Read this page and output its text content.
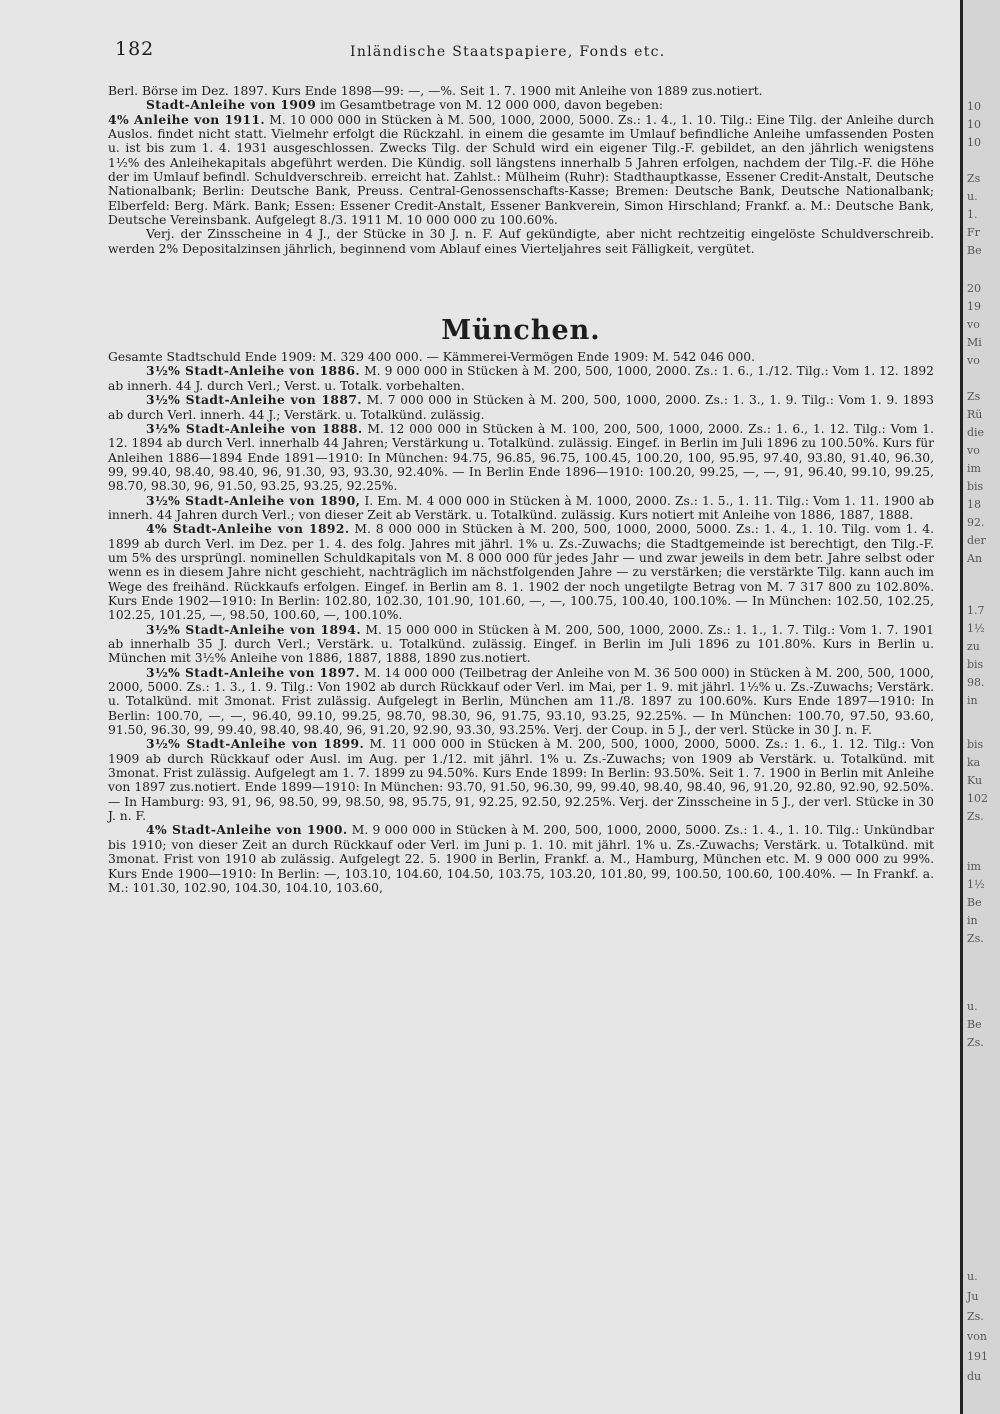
182	Inländische Staatspapiere, Fonds etc.

Berl. Börse im Dez. 1897. Kurs Ende 1898—99: —, —%. Seit 1. 7. 1900 mit Anleihe von 1889 zus.notiert.

Stadt-Anleihe von 1909 im Gesamtbetrage von M. 12 000 000, davon begeben:

4% Anleihe von 1911. M. 10 000 000 in Stücken à M. 500, 1000, 2000, 5000. Zs.: 1. 4., 1. 10. Tilg.: Eine Tilg. der Anleihe durch Auslos. findet nicht statt. Vielmehr erfolgt die Rückzahl. in einem die gesamte im Umlauf befindliche Anleihe umfassenden Posten u. ist bis zum 1. 4. 1931 ausgeschlossen. Zwecks Tilg. der Schuld wird ein eigener Tilg.-F. gebildet, an den jährlich wenigstens 1½% des Anleihekapitals abgeführt werden. Die Kündig. soll längstens innerhalb 5 Jahren erfolgen, nachdem der Tilg.-F. die Höhe der im Umlauf befindl. Schuldverschreib. erreicht hat. Zahlst.: Mülheim (Ruhr): Stadthauptkasse, Essener Credit-Anstalt, Deutsche Nationalbank; Berlin: Deutsche Bank, Preuss. Central-Genossenschafts-Kasse; Bremen: Deutsche Bank, Deutsche Nationalbank; Elberfeld: Berg. Märk. Bank; Essen: Essener Credit-Anstalt, Essener Bankverein, Simon Hirschland; Frankf. a. M.: Deutsche Bank, Deutsche Vereinsbank. Aufgelegt 8./3. 1911 M. 10 000 000 zu 100.60%.

Verj. der Zinsscheine in 4 J., der Stücke in 30 J. n. F. Auf gekündigte, aber nicht rechtzeitig eingelöste Schuldverschreib. werden 2% Depositalzinsen jährlich, beginnend vom Ablauf eines Vierteljahres seit Fälligkeit, vergütet.

München.

Gesamte Stadtschuld Ende 1909: M. 329 400 000. — Kämmerei-Vermögen Ende 1909: M. 542 046 000.

3½% Stadt-Anleihe von 1886. M. 9 000 000 in Stücken à M. 200, 500, 1000, 2000. Zs.: 1. 6., 1./12. Tilg.: Vom 1. 12. 1892 ab innerh. 44 J. durch Verl.; Verst. u. Totalk. vorbehalten.

3½% Stadt-Anleihe von 1887. M. 7 000 000 in Stücken à M. 200, 500, 1000, 2000. Zs.: 1. 3., 1. 9. Tilg.: Vom 1. 9. 1893 ab durch Verl. innerh. 44 J.; Verstärk. u. Totalkünd. zulässig.

3½% Stadt-Anleihe von 1888. M. 12 000 000 in Stücken à M. 100, 200, 500, 1000, 2000. Zs.: 1. 6., 1. 12. Tilg.: Vom 1. 12. 1894 ab durch Verl. innerhalb 44 Jahren; Verstärkung u. Totalkünd. zulässig. Eingef. in Berlin im Juli 1896 zu 100.50%. Kurs für Anleihen 1886—1894 Ende 1891—1910: In München: 94.75, 96.85, 96.75, 100.45, 100.20, 100, 95.95, 97.40, 93.80, 91.40, 96.30, 99, 99.40, 98.40, 98.40, 96, 91.30, 93, 93.30, 92.40%. — In Berlin Ende 1896—1910: 100.20, 99.25, —, —, 91, 96.40, 99.10, 99.25, 98.70, 98.30, 96, 91.50, 93.25, 93.25, 92.25%.

3½% Stadt-Anleihe von 1890, I. Em. M. 4 000 000 in Stücken à M. 1000, 2000. Zs.: 1. 5., 1. 11. Tilg.: Vom 1. 11. 1900 ab innerh. 44 Jahren durch Verl.; von dieser Zeit ab Verstärk. u. Totalkünd. zulässig. Kurs notiert mit Anleihe von 1886, 1887, 1888.

4% Stadt-Anleihe von 1892. M. 8 000 000 in Stücken à M. 200, 500, 1000, 2000, 5000. Zs.: 1. 4., 1. 10. Tilg. vom 1. 4. 1899 ab durch Verl. im Dez. per 1. 4. des folg. Jahres mit jährl. 1% u. Zs.-Zuwachs; die Stadtgemeinde ist berechtigt, den Tilg.-F. um 5% des ursprüngl. nominellen Schuldkapitals von M. 8 000 000 für jedes Jahr — und zwar jeweils in dem betr. Jahre selbst oder wenn es in diesem Jahre nicht geschieht, nachträglich im nächstfolgenden Jahre — zu verstärken; die verstärkte Tilg. kann auch im Wege des freihänd. Rückkaufs erfolgen. Eingef. in Berlin am 8. 1. 1902 der noch ungetilgte Betrag von M. 7 317 800 zu 102.80%. Kurs Ende 1902—1910: In Berlin: 102.80, 102.30, 101.90, 101.60, —, —, 100.75, 100.40, 100.10%. — In München: 102.50, 102.25, 102.25, 101.25, —, 98.50, 100.60, —, 100.10%.

3½% Stadt-Anleihe von 1894. M. 15 000 000 in Stücken à M. 200, 500, 1000, 2000. Zs.: 1. 1., 1. 7. Tilg.: Vom 1. 7. 1901 ab innerhalb 35 J. durch Verl.; Verstärk. u. Totalkünd. zulässig. Eingef. in Berlin im Juli 1896 zu 101.80%. Kurs in Berlin u. München mit 3½% Anleihe von 1886, 1887, 1888, 1890 zus.notiert.

3½% Stadt-Anleihe von 1897. M. 14 000 000 (Teilbetrag der Anleihe von M. 36 500 000) in Stücken à M. 200, 500, 1000, 2000, 5000. Zs.: 1. 3., 1. 9. Tilg.: Von 1902 ab durch Rückkauf oder Verl. im Mai, per 1. 9. mit jährl. 1½% u. Zs.-Zuwachs; Verstärk. u. Totalkünd. mit 3monat. Frist zulässig. Aufgelegt in Berlin, München am 11./8. 1897 zu 100.60%. Kurs Ende 1897—1910: In Berlin: 100.70, —, —, 96.40, 99.10, 99.25, 98.70, 98.30, 96, 91.75, 93.10, 93.25, 92.25%. — In München: 100.70, 97.50, 93.60, 91.50, 96.30, 99, 99.40, 98.40, 98.40, 96, 91.20, 92.90, 93.30, 93.25%. Verj. der Coup. in 5 J., der verl. Stücke in 30 J. n. F.

3½% Stadt-Anleihe von 1899. M. 11 000 000 in Stücken à M. 200, 500, 1000, 2000, 5000. Zs.: 1. 6., 1. 12. Tilg.: Von 1909 ab durch Rückkauf oder Ausl. im Aug. per 1./12. mit jährl. 1% u. Zs.-Zuwachs; von 1909 ab Verstärk. u. Totalkünd. mit 3monat. Frist zulässig. Aufgelegt am 1. 7. 1899 zu 94.50%. Kurs Ende 1899: In Berlin: 93.50%. Seit 1. 7. 1900 in Berlin mit Anleihe von 1897 zus.notiert. Ende 1899—1910: In München: 93.70, 91.50, 96.30, 99, 99.40, 98.40, 98.40, 96, 91.20, 92.80, 92.90, 92.50%. — In Hamburg: 93, 91, 96, 98.50, 99, 98.50, 98, 95.75, 91, 92.25, 92.50, 92.25%. Verj. der Zinsscheine in 5 J., der verl. Stücke in 30 J. n. F.

4% Stadt-Anleihe von 1900. M. 9 000 000 in Stücken à M. 200, 500, 1000, 2000, 5000. Zs.: 1. 4., 1. 10. Tilg.: Unkündbar bis 1910; von dieser Zeit an durch Rückkauf oder Verl. im Juni p. 1. 10. mit jährl. 1% u. Zs.-Zuwachs; Verstärk. u. Totalkünd. mit 3monat. Frist von 1910 ab zulässig. Aufgelegt 22. 5. 1900 in Berlin, Frankf. a. M., Hamburg, München etc. M. 9 000 000 zu 99%. Kurs Ende 1900—1910: In Berlin: —, 103.10, 104.60, 104.50, 103.75, 103.20, 101.80, 99, 100.50, 100.60, 100.40%. — In Frankf. a. M.: 101.30, 102.90, 104.30, 104.10, 103.60,

10
10
10
Zs
u.
1.
Fr
Be
20
19
vo
Mi
vo
Zs
Rü
die
vo
im
bis
18
92.
der
An
1.7
1½
zu
bis
98.
in
bis
ka
Ku
102
Zs.
im
1½
Be
in
Zs.
u.
Be
Zs.
u.
Ju
Zs.
von
191
du
